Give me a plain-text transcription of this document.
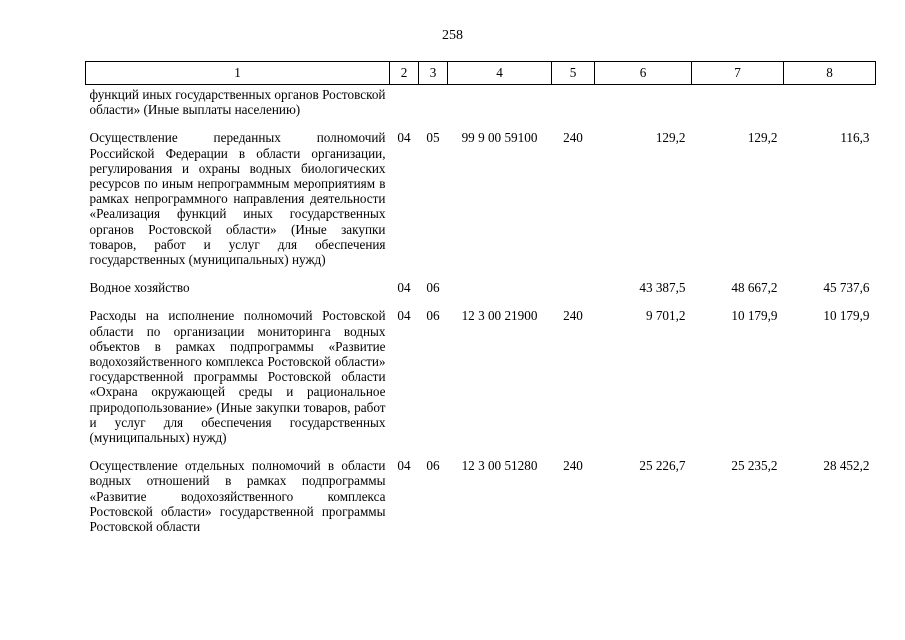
258
1	2	3	4	5	6	7	8
функций иных государственных органов Ростовской области» (Иные выплаты населению)							
Осуществление переданных полномочий Российской Федерации в области организации, регулирования и охраны водных биологических ресурсов по иным непрограммным мероприятиям в рамках непрограммного направления деятельности «Реализация функций иных государственных органов Ростовской области» (Иные закупки товаров, работ и услуг для обеспечения государственных (муниципальных) нужд)	04	05	99 9 00 59100	240	129,2	129,2	116,3
Водное хозяйство	04	06			43 387,5	48 667,2	45 737,6
Расходы на исполнение полномочий Ростовской области по организации мониторинга водных объектов в рамках подпрограммы «Развитие водохозяйственного комплекса Ростовской области» государственной программы Ростовской области «Охрана окружающей среды и рациональное природопользование» (Иные закупки товаров, работ и услуг для обеспечения государственных (муниципальных) нужд)	04	06	12 3 00 21900	240	9 701,2	10 179,9	10 179,9
Осуществление отдельных полномочий в области водных отношений в рамках подпрограммы «Развитие водохозяйственного комплекса Ростовской области» государственной программы Ростовской области	04	06	12 3 00 51280	240	25 226,7	25 235,2	28 452,2
